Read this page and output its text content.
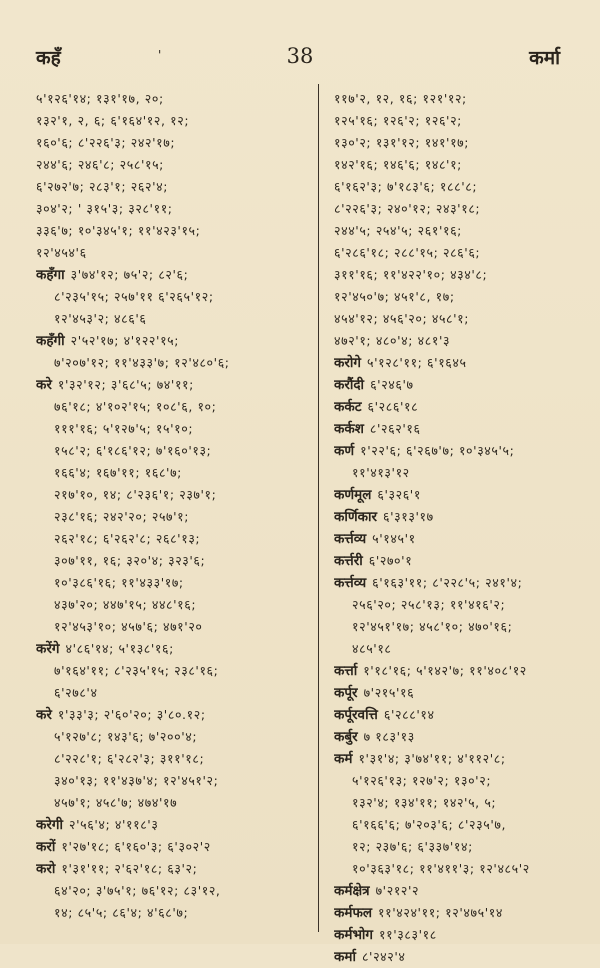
कहँ	'	38	कर्मा
५'१२६'१४; १३१'१७, २०;
१३२'१, २, ६; ६'१६४'१२, १२;
१६०'६; ८'२२६'३; २४२'१७;
२४४'६; २४६'८; २५८'१५;
६'२७२'७; २८३'१; २६२'४;
३०४'२; ' ३१५'३; ३२८'११;
३३६'७; १०'३४५'१; ११'४२३'१५;
१२'४५४'६
कहँगा ३'७४'१२; ७५'२; ८२'६;
८'२३५'१५; २५७'११ ६'२६५'१२;
१२'४५३'२; ४८६'६
कहँगी २'५२'१७; ४'१२२'१५;
७'२०७'१२; ११'४३३'७; १२'४८०'६;
करे १'३२'१२; ३'६८'५; ७४'११;
७६'१८; ४'१०२'१५; १०८'६, १०;
१११'१६; ५'१२७'५; १५'१०;
१५८'२; ६'१८६'१२; ७'१६०'१३;
१६६'४; १६७'११; १६८'७;
२१७'१०, १४; ८'२३६'१; २३७'१;
२३८'१६; २४२'२०; २५७'१;
२६२'१८; ६'२६२'८; २६८'१३;
३०७'११, १६; ३२०'४; ३२३'६;
१०'३८६'१६; ११'४३३'१७;
४३७'२०; ४४७'१५; ४४८'१६;
१२'४५३'१०; ४५७'६; ४७१'२०
करेंगे ४'८६'१४; ५'१३८'१६;
७'१६४'११; ८'२३५'१५; २३८'१६;
६'२७८'४
करे १'३३'३; २'६०'२०; ३'८०.१२;
५'१२७'८; १४३'६; ७'२००'४;
८'२२८'१; ६'२८२'३; ३११'१८;
३४०'१३; ११'४३७'४; १२'४५१'२;
४५७'१; ४५८'७; ४७४'१७
करेगी २'५६'४; ४'११८'३
करों १'२७'१८; ६'१६०'३; ६'३०२'२
करो १'३१'११; २'६२'१८; ६३'२;
६४'२०; ३'७५'१; ७६'१२; ८३'१२,
१४; ८५'५; ८६'४; ४'६८'७;
११७'२, १२, १६; १२१'१२;
१२५'१६; १२६'२; १२६'२;
१३०'२; १३१'१२; १४१'१७;
१४२'१६; १४६'६; १४८'१;
६'१६२'३; ७'१८३'६; १८८'८;
८'२२६'३; २४०'१२; २४३'१८;
२४४'५; २५४'५; २६१'१६;
६'२८६'१८; २८८'१५; २८६'६;
३११'१६; ११'४२२'१०; ४३४'८;
१२'४५०'७; ४५१'८, १७;
४५४'१२; ४५६'२०; ४५८'१;
४७२'१; ४८०'४; ४८१'३
करोगे ५'१२८'११; ६'१६४५
करौंदी ६'२४६'७
कर्कट ६'२८६'१८
कर्कश ८'२६२'१६
कर्ण १'२२'६; ६'२६७'७; १०'३४५'५;
११'४१३'१२
कर्णमूल ६'३२६'१
कर्णिकार ६'३१३'१७
कर्त्तव्य ५'१४५'१
कर्त्तरी ६'२७०'१
कर्त्तव्य ६'१६३'११; ८'२२८'५; २४१'४;
२५६'२०; २५८'१३; ११'४१६'२;
१२'४५१'१७; ४५८'१०; ४७०'१६;
४८५'१८
कर्त्ता १'१८'१६; ५'१४२'७; ११'४०८'१२
कर्पूर ७'२१५'१६
कर्पूरवत्ति ६'२८८'१४
कर्बुर ७ १८३'१३
कर्म १'३१'४; ३'७४'११; ४'११२'८;
५'१२६'१३; १२७'२; १३०'२;
१३२'४; १३४'११; १४२'५, ५;
६'१६६'६; ७'२०३'६; ८'२३५'७,
१२; २३७'६; ६'३३७'१४;
१०'३६३'१८; ११'४११'३; १२'४८५'२
कर्मक्षेत्र ७'२१२'२
कर्मफल ११'४२४'११; १२'४७५'१४
कर्मभोग ११'३८३'१८
कर्मा ८'२४२'४
